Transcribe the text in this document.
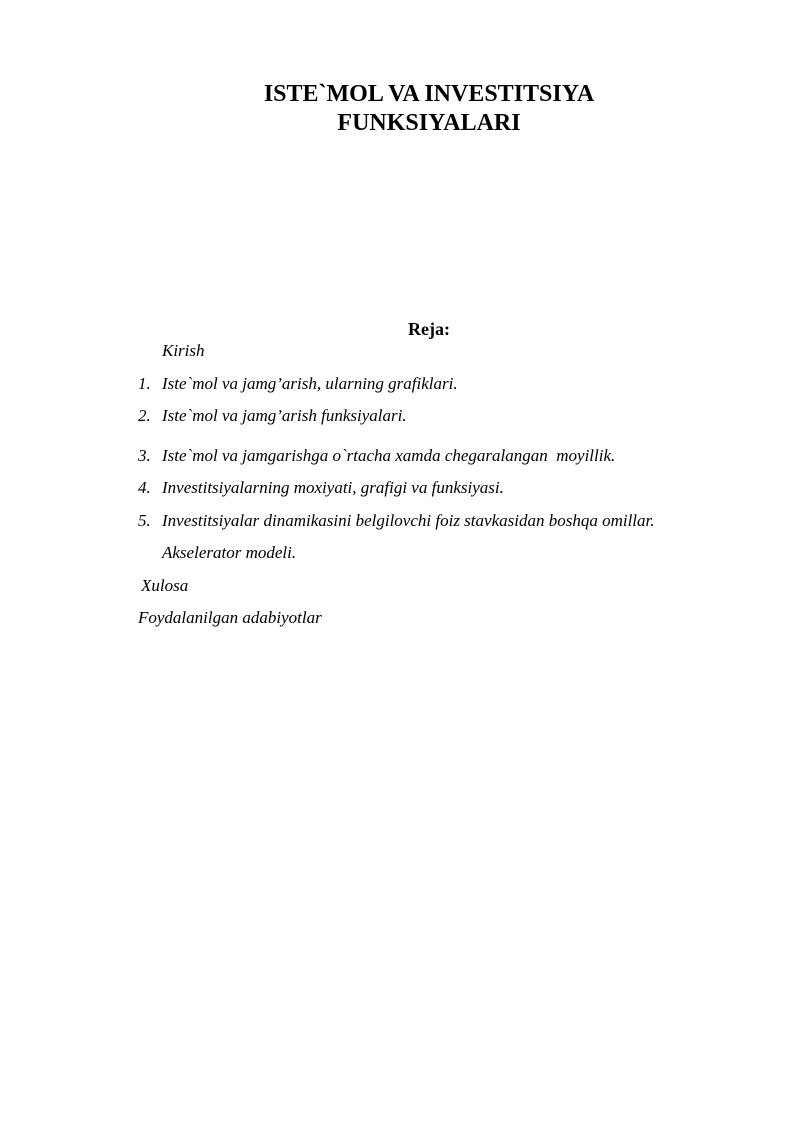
ISTE`MOL VA INVESTITSIYA
FUNKSIYALARI

Reja:

Kirish
1. Iste`mol va jamg’arish, ularning grafiklari.
2. Iste`mol va jamg’arish funksiyalari.
3. Iste`mol va jamgarishga o`rtacha xamda chegaralangan  moyillik.
4. Investitsiyalarning moxiyati, grafigi va funksiyasi.
5. Investitsiyalar dinamikasini belgilovchi foiz stavkasidan boshqa omillar.
Akselerator modeli.
Xulosa
Foydalanilgan adabiyotlar
